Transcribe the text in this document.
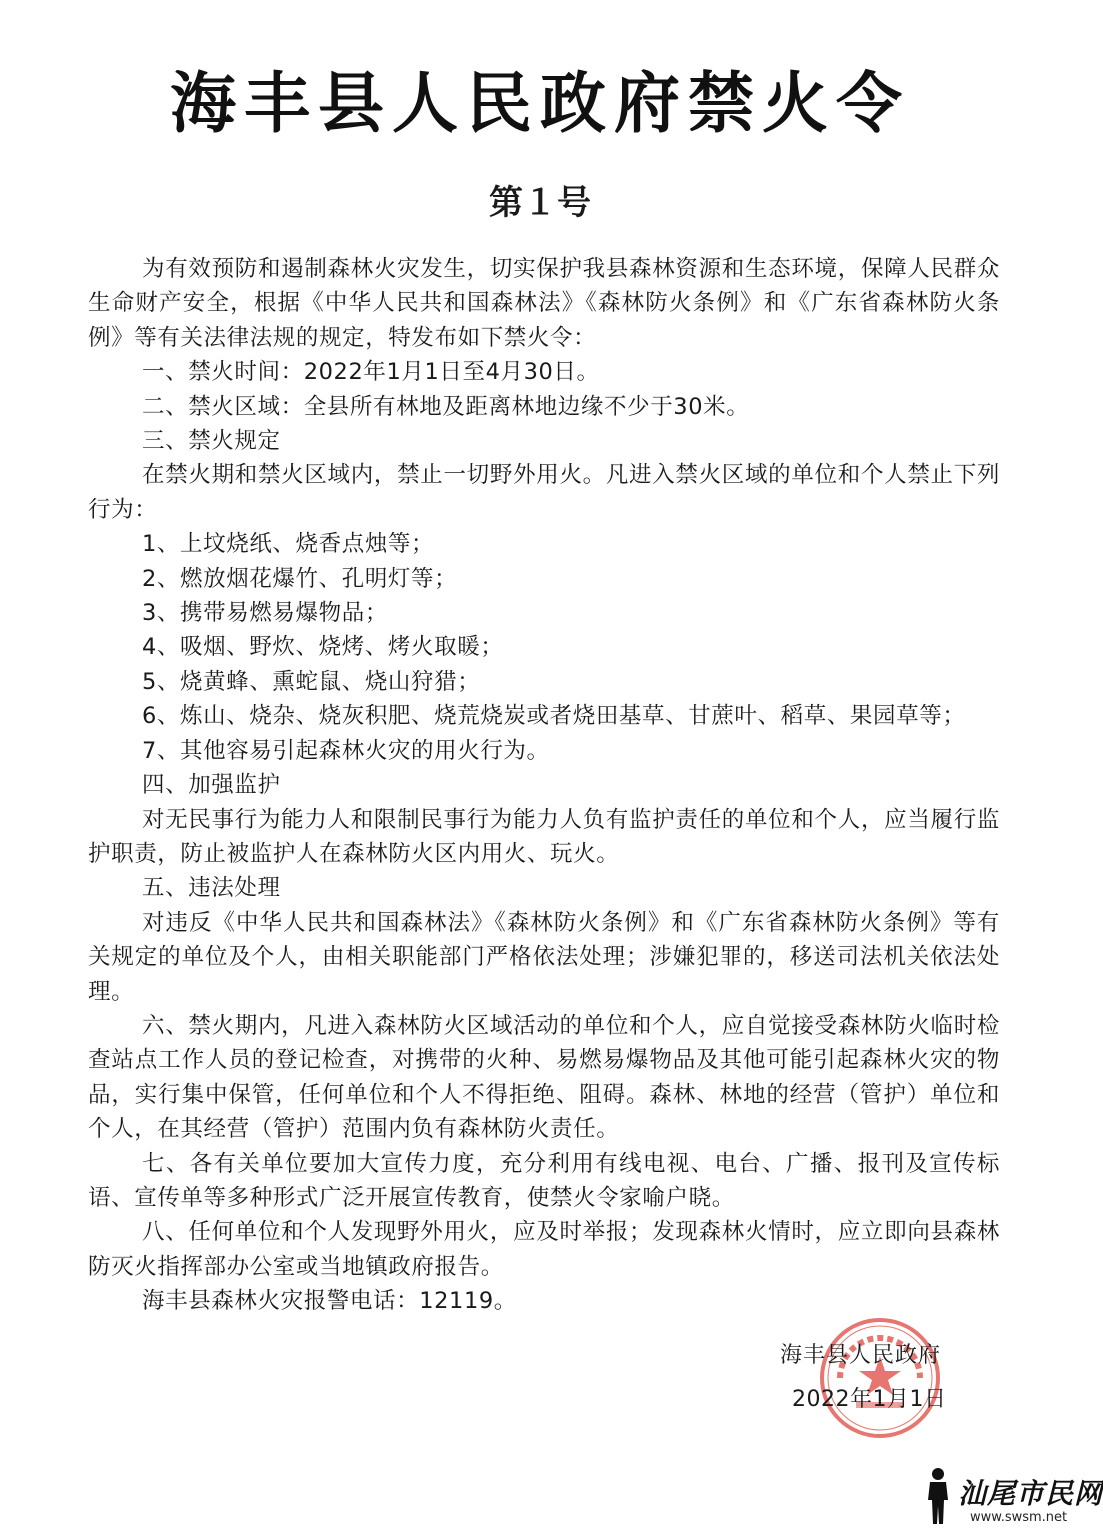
海丰县人民政府禁火令
第１号

为有效预防和遏制森林火灾发生，切实保护我县森林资源和生态环境，保障人民群众生命财产安全，根据《中华人民共和国森林法》《森林防火条例》和《广东省森林防火条例》等有关法律法规的规定，特发布如下禁火令：

一、禁火时间：2022年1月1日至4月30日。

二、禁火区域：全县所有林地及距离林地边缘不少于30米。

三、禁火规定

在禁火期和禁火区域内，禁止一切野外用火。凡进入禁火区域的单位和个人禁止下列行为：

1、上坟烧纸、烧香点烛等；

2、燃放烟花爆竹、孔明灯等；

3、携带易燃易爆物品；

4、吸烟、野炊、烧烤、烤火取暖；

5、烧黄蜂、熏蛇鼠、烧山狩猎；

6、炼山、烧杂、烧灰积肥、烧荒烧炭或者烧田基草、甘蔗叶、稻草、果园草等；

7、其他容易引起森林火灾的用火行为。

四、加强监护

对无民事行为能力人和限制民事行为能力人负有监护责任的单位和个人，应当履行监护职责，防止被监护人在森林防火区内用火、玩火。

五、违法处理

对违反《中华人民共和国森林法》《森林防火条例》和《广东省森林防火条例》等有关规定的单位及个人，由相关职能部门严格依法处理；涉嫌犯罪的，移送司法机关依法处理。

六、禁火期内，凡进入森林防火区域活动的单位和个人，应自觉接受森林防火临时检查站点工作人员的登记检查，对携带的火种、易燃易爆物品及其他可能引起森林火灾的物品，实行集中保管，任何单位和个人不得拒绝、阻碍。森林、林地的经营（管护）单位和个人，在其经营（管护）范围内负有森林防火责任。

七、各有关单位要加大宣传力度，充分利用有线电视、电台、广播、报刊及宣传标语、宣传单等多种形式广泛开展宣传教育，使禁火令家喻户晓。

八、任何单位和个人发现野外用火，应及时举报；发现森林火情时，应立即向县森林防灭火指挥部办公室或当地镇政府报告。

海丰县森林火灾报警电话：12119。

海丰县人民政府
2022年1月1日
汕尾市民网
www.swsm.net
